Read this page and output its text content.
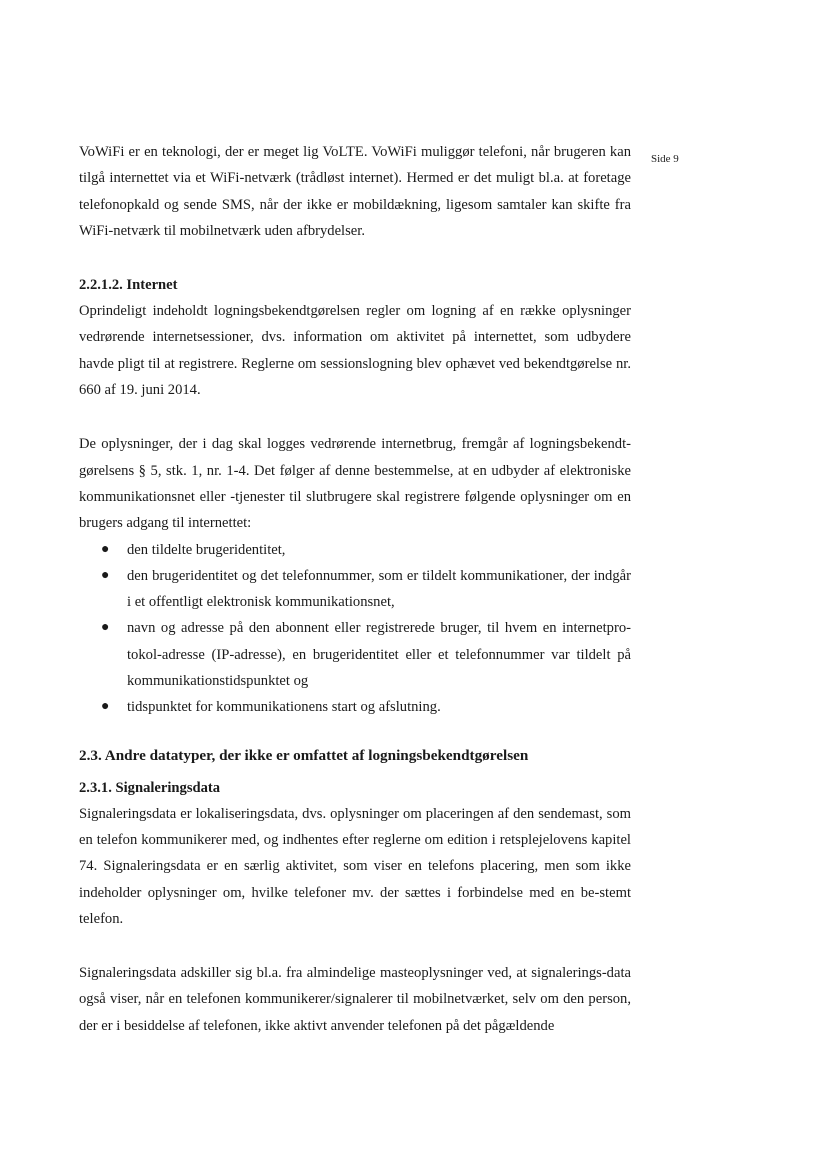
Side 9

VoWiFi er en teknologi, der er meget lig VoLTE. VoWiFi muliggør telefoni, når brugeren kan tilgå internettet via et WiFi-netværk (trådløst internet). Hermed er det muligt bl.a. at foretage telefonopkald og sende SMS, når der ikke er mobildækning, ligesom samtaler kan skifte fra WiFi-netværk til mobilnetværk uden afbrydelser.

2.2.1.2. Internet

Oprindeligt indeholdt logningsbekendtgørelsen regler om logning af en række oplysninger vedrørende internetsessioner, dvs. information om aktivitet på internettet, som udbydere havde pligt til at registrere. Reglerne om sessionslogning blev ophævet ved bekendtgørelse nr. 660 af 19. juni 2014.

De oplysninger, der i dag skal logges vedrørende internetbrug, fremgår af logningsbekendt-gørelsens § 5, stk. 1, nr. 1-4. Det følger af denne bestemmelse, at en udbyder af elektroniske kommunikationsnet eller -tjenester til slutbrugere skal registrere følgende oplysninger om en brugers adgang til internettet:

● den tildelte brugeridentitet,
● den brugeridentitet og det telefonnummer, som er tildelt kommunikationer, der indgår i et offentligt elektronisk kommunikationsnet,
● navn og adresse på den abonnent eller registrerede bruger, til hvem en internetpro-tokol-adresse (IP-adresse), en brugeridentitet eller et telefonnummer var tildelt på kommunikationstidspunktet og
● tidspunktet for kommunikationens start og afslutning.
2.3. Andre datatyper, der ikke er omfattet af logningsbekendtgørelsen
2.3.1. Signaleringsdata

Signaleringsdata er lokaliseringsdata, dvs. oplysninger om placeringen af den sendemast, som en telefon kommunikerer med, og indhentes efter reglerne om edition i retsplejelovens kapitel 74. Signaleringsdata er en særlig aktivitet, som viser en telefons placering, men som ikke indeholder oplysninger om, hvilke telefoner mv. der sættes i forbindelse med en be-stemt telefon.

Signaleringsdata adskiller sig bl.a. fra almindelige masteoplysninger ved, at signalerings-data også viser, når en telefonen kommunikerer/signalerer til mobilnetværket, selv om den person, der er i besiddelse af telefonen, ikke aktivt anvender telefonen på det pågældende
